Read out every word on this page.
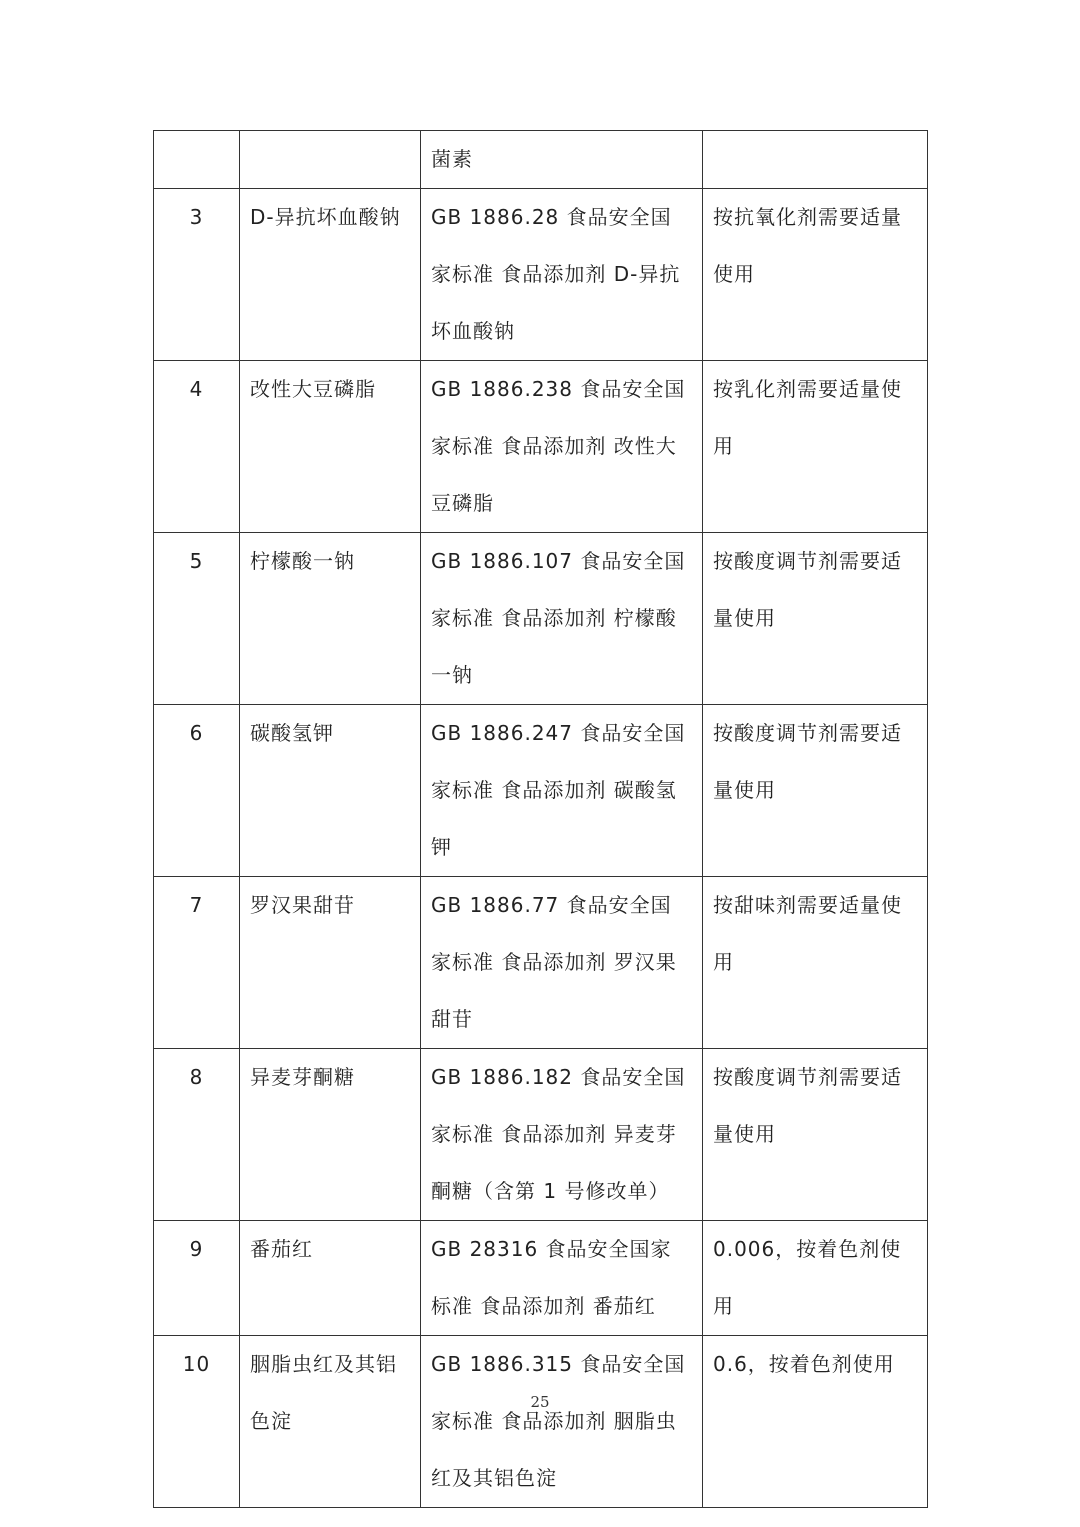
		菌素	
3	D-异抗坏血酸钠	GB 1886.28 食品安全国家标准 食品添加剂 D-异抗坏血酸钠	按抗氧化剂需要适量使用
4	改性大豆磷脂	GB 1886.238 食品安全国家标准 食品添加剂 改性大豆磷脂	按乳化剂需要适量使用
5	柠檬酸一钠	GB 1886.107 食品安全国家标准 食品添加剂 柠檬酸一钠	按酸度调节剂需要适量使用
6	碳酸氢钾	GB 1886.247 食品安全国家标准 食品添加剂 碳酸氢钾	按酸度调节剂需要适量使用
7	罗汉果甜苷	GB 1886.77 食品安全国家标准 食品添加剂 罗汉果甜苷	按甜味剂需要适量使用
8	异麦芽酮糖	GB 1886.182 食品安全国家标准 食品添加剂 异麦芽酮糖（含第 1 号修改单）	按酸度调节剂需要适量使用
9	番茄红	GB 28316 食品安全国家标准 食品添加剂 番茄红	0.006，按着色剂使用
10	胭脂虫红及其铝色淀	GB 1886.315 食品安全国家标准 食品添加剂 胭脂虫红及其铝色淀	0.6，按着色剂使用
25
